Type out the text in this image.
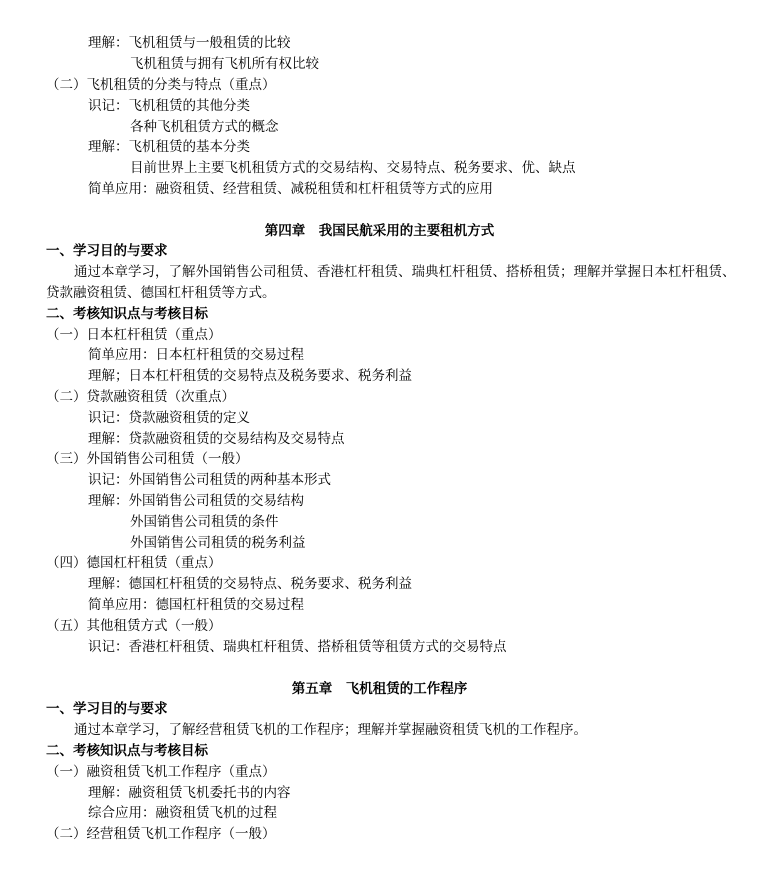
理解：飞机租赁与一般租赁的比较
飞机租赁与拥有飞机所有权比较
（二）飞机租赁的分类与特点（重点）
识记：飞机租赁的其他分类
各种飞机租赁方式的概念
理解：飞机租赁的基本分类
目前世界上主要飞机租赁方式的交易结构、交易特点、税务要求、优、缺点
简单应用：融资租赁、经营租赁、减税租赁和杠杆租赁等方式的应用
第四章　我国民航采用的主要租机方式
一、学习目的与要求
通过本章学习，了解外国销售公司租赁、香港杠杆租赁、瑞典杠杆租赁、搭桥租赁；理解并掌握日本杠杆租赁、
贷款融资租赁、德国杠杆租赁等方式。
二、考核知识点与考核目标
（一）日本杠杆租赁（重点）
简单应用：日本杠杆租赁的交易过程
理解；日本杠杆租赁的交易特点及税务要求、税务利益
（二）贷款融资租赁（次重点）
识记：贷款融资租赁的定义
理解：贷款融资租赁的交易结构及交易特点
（三）外国销售公司租赁（一般）
识记：外国销售公司租赁的两种基本形式
理解：外国销售公司租赁的交易结构
外国销售公司租赁的条件
外国销售公司租赁的税务利益
（四）德国杠杆租赁（重点）
理解：德国杠杆租赁的交易特点、税务要求、税务利益
简单应用：德国杠杆租赁的交易过程
（五）其他租赁方式（一般）
识记：香港杠杆租赁、瑞典杠杆租赁、搭桥租赁等租赁方式的交易特点
第五章　飞机租赁的工作程序
一、学习目的与要求
通过本章学习，了解经营租赁飞机的工作程序；理解并掌握融资租赁飞机的工作程序。
二、考核知识点与考核目标
（一）融资租赁飞机工作程序（重点）
理解：融资租赁飞机委托书的内容
综合应用：融资租赁飞机的过程
（二）经营租赁飞机工作程序（一般）
